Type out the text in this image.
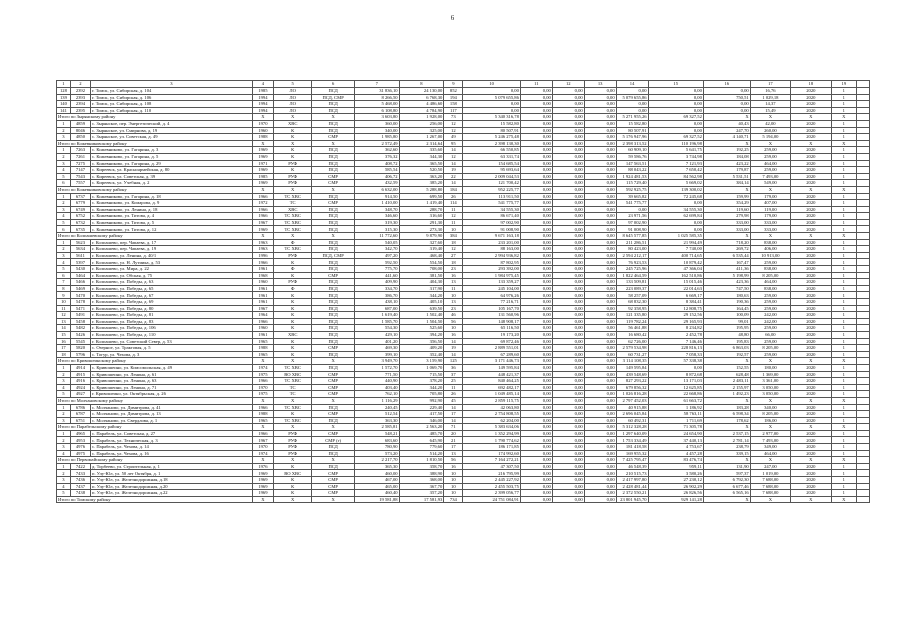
6
1	2	3	4	5	6	7	8	9	10	11	12	13	14	15	16	17	18	19	
128	2392	г. Томск, ул. Сибирская, д. 104	1985	ЛО	ПСД	31 836,10	24 130,00	852	0,00	0,00	0,00	0,00	0,00	0,00	0,00	16,76	2020	1	
139	2393	г. Томск, ул. Сибирская, д. 106	1994	ЛО	ПСД, СМР	8 266,50	6 768,30	194	5 079 655,86	0,00	0,00	0,00	5 079 655,86	0,00	750,51	1 029,18	2020	1	
140	2394	г. Томск, ул. Сибирская, д. 108	1994	ЛО	ПСД	5 468,00	4 486,60	158	0,00	0,00	0,00	0,00	0,00	0,00	0,00	14,37	2020	1	
141	2395	г. Томск, ул. Сибирская, д. 110	1994	ЛО	ПСД	6 108,80	4 784,90	117	0,00	0,00	0,00	0,00	0,00	0,00	0,00	15,49	2020	1	
Итого по Зырянскому району			Х	Х	Х	3 603,80	1 928,00	73	5 340 316,78	0,00	0,00	0,00	5 271 955,26	69 327,52	Х	Х	Х	Х	
1	4859	с. Зырянское, пер. Энергетический, д. 4	1970	ХВС	ПСД	360,00	256,00	12	15 582,80	0,00	0,00	0,00	15 582,80	0,00	40,43	42,00	2020	1	
2	8046	с. Зырянское, ул. Смирнова, д. 19	1960	К	ПСД	340,00	325,00	12	80 507,91	0,00	0,00	0,00	80 507,91	0,00	247,70	260,00	2020	1	
3	4850	с. Зырянское, ул. Советская, д. 49	1988	К	СМР	1 985,80	1 267,00	49	5 246 275,48	0,00	0,00	0,00	5 176 947,96	69 327,52	4 140,71	5 194,00	2020	1	
Итого по Кожевниковскому району			Х	Х	Х	2 572,49	2 314,64	95	2 398 130,30	0,00	0,00	0,00	2 398 313,52	110 196,98	Х	Х	Х	Х	
1	7263	с. Кожевниково, ул. Гагарина, д. 3	1969	К	ПСД	362,60	335,60	14	66 550,85	0,00	0,00	0,00	60 909,10	5 641,75	192,25	259,00	2020	1	
2	7261	с. Кожевниково, ул. Гагарина, д. 5	1969	К	ПСД	376,32	344,30	12	63 331,74	0,00	0,00	0,00	59 586,76	3 744,98	184,08	259,00	2020	1	
3	7275	с. Кожевниково, ул. Гагарина, д. 29	1971	РУФ	ПСД	408,72	365,50	14	154 685,54	0,00	0,00	0,00	147 563,51	7 121,93	423,22	464,00	2020	1	
4	7147	с. Киреевск, ул. Красноармейская, д. 80	1969	К	ПСД	585,54	520,50	19	95 693,64	0,00	0,00	0,00	88 043,22	7 650,42	179,87	259,00	2020	1	
5	7543	с. Киреевск, ул. Советская, д. 39	1985	РУФ	СМР	406,72	363,20	22	2 009 044,53	0,00	0,00	0,00	1 924 481,53	84 562,98	5 531,51	7 493,00	2020	1	
6	7557	с. Киреевск, ул. Учебная, д. 2	1969	РУФ	СМР	432,59	385,20	14	121 700,42	0,00	0,00	0,00	115 729,40	5 669,02	384,14	549,00	2020	1	
Итого по Кожевниковскому району			Х	Х	Х	6 632,00	5 288,80	184	952 225,77	0,00	0,00	0,00	592 925,75	139 300,02	Х	Х	Х	Х	
1	6737	с. Кожевниково, ул. Гагарина, д. 18	1966	ТС ХВС	ПСД	914,50	699,50	26	113 911,50	0,00	0,00	0,00	39 665,82	72 245,68	159,99	179,00	2020	1	
2	6779	с. Кожевниково, ул. Комарова, д. 9	1972	ТС	СМР	1 410,00	1 419,40	114	541 775,77	0,00	0,00	0,00	541 775,77	0,00	354,29	407,00	2020	1	
3	6749	с. Кожевниково, ул. Ленина, д. 18	1966	ХВС	ПСД	348,70	288,70	11	34 555,30	0,00	0,00	0,00	0,00	34 555,30	119,60	119,00	2020	1	
4	6752	с. Кожевниково, ул. Титова, д. 4	1966	ТС ХВС	ПСД	346,60	316,60	12	86 671,40	0,00	0,00	0,00	23 971,56	62 699,84	279,98	179,00	2020	1	
5	6732	с. Кожевниково, ул. Титова, д. 5	1967	ТС ХВС	ПСД	319,30	291,30	11	97 002,90	0,00	0,00	0,00	97 002,90	0,00	333,00	333,00	2020	1	
6	6735	с. Кожевниково, ул. Титова, д. 12	1969	ТС ХВС	ПСД	315,30	273,30	10	91 008,90	0,00	0,00	0,00	91 008,90	0,00	333,00	333,00	2020	1	
Итого по Колпашевскому району			Х	Х	Х	11 772,60	9 879,90	384	9 671 163,18	0,00	0,00	0,00	8 645 577,85	1 025 585,35	Х	Х	Х	Х	
1	5623	г. Колпашево, пер. Чапаева, д. 17	1963	Ф	ПСД	540,05	327,60	18	233 201,00	0,00	0,00	0,00	211 286,51	21 994,49	718,20	838,00	2020	1	
2	5634	г. Колпашево, пер. Чапаева, д. 19	1963	ТС ХВС	ПСД	342,70	319,40	12	88 163,00	0,00	0,00	0,00	80 423,00	7 740,00	269,72	406,00	2020	1	
3	5611	г. Колпашево, ул. Ленина, д. 40/1	1996	РУФ	ПСД, СМР	497,20	468,40	27	2 994 936,82	0,00	0,00	0,00	2 594 212,17	400 714,65	6 535,44	10 913,00	2020	1	
4	5397	г. Колпашево, ул. Н. Лутиика, д. 53	1966	К	ПСД	592,50	554,50	18	87 802,95	0,00	0,00	0,00	76 923,53	10 879,42	167,47	259,00	2020	1	
5	5430	г. Колпашево, ул. Мира, д. 22	1961	Ф	ПСД	775,70	708,00	23	293 392,00	0,00	0,00	0,00	245 725,96	47 366,04	411,36	838,00	2020	1	
6	5464	г. Колпашево, ул. Обская, д. 75	1968	К	СМР	441,60	381,50	16	1 984 975,45	0,00	0,00	0,00	1 822 464,59	162 510,86	5 198,99	8 205,00	2020	1	
7	5466	г. Колпашево, ул. Победы, д. 63	1960	РУФ	ПСД	409,90	404,30	13	133 359,27	0,00	0,00	0,00	133 509,81	15 015,46	423,36	464,00	2020	1	
8	5469	г. Колпашево, ул. Победы, д. 65	1961	Ф	ПСД	334,70	317,90	11	245 104,00	0,00	0,00	0,00	223 089,37	22 014,63	747,50	838,00	2020	1	
9	5470	г. Колпашево, ул. Победы, д. 67	1961	К	ПСД	386,70	344,20	10	64 976,26	0,00	0,00	0,00	58 257,09	6 669,17	180,63	259,00	2020	1	
10	5478	г. Колпашево, ул. Победы, д. 69	1961	К	ПСД	438,10	405,10	13	77 216,71	0,00	0,00	0,00	68 832,30	8 384,41	190,36	259,00	2020	1	
11	5471	г. Колпашево, ул. Победы, д. 80	1967	К	ПСД	687,00	639,50	23	105 167,70	0,00	0,00	0,00	92 358,95	12 808,75	164,45	259,00	2020	1	
12	5491	г. Колпашево, ул. Победы, д. 81	1964	К	ПСД	1 619,40	1 502,40	46	131 560,96	0,00	0,00	0,00	121 335,80	29 152,56	100,09	242,00	2020	1	
13	5458	г. Колпашево, ул. Победы, д. 83	1966	К	ПСД	1 585,70	1 504,50	56	148 908,17	0,00	0,00	0,00	119 782,24	29 165,93	99,01	242,00	2020	1	
14	5482	г. Колпашево, ул. Победы, д. 106	1960	К	ПСД	554,30	525,60	10	65 116,50	0,00	0,00	0,00	56 461,88	8 234,82	195,95	259,00	2020	1	
15	5426	г. Колпашево, ул. Победы, д. 110	1961	ХВС	ПСД	429,10	394,20	16	19 173,20	0,00	0,00	0,00	16 680,42	2 452,78	48,80	66,00	2020	1	
16	5545	г. Колпашево, ул. Советский Север, д. 53	1965	К	ПСД	401,20	356,50	14	69 872,46	0,00	0,00	0,00	62 726,00	7 146,46	195,83	259,00	2020	1	
17	5820	с. Озерное, ул. Трактовая, д. 5	1988	К	СМР	469,30	409,20	19	2 889 551,01	0,00	0,00	0,00	2 579 534,98	228 816,13	6 863,03	8 205,00	2020	1	
18	5796	с. Тогур, ул. Чехова, д. 3	1965	К	ПСД	399,10	352,40	14	67 289,60	0,00	0,00	0,00	60 731,27	7 058,33	192,57	259,00	2020	1	
Итого по Кривошеинскому району			Х	Х	Х	3 949,70	3 159,90	125	3 171 446,73	0,00	0,00	0,00	3 114 108,35	57 338,38	Х	Х	Х	Х	
1	4914	с. Кривошеино, ул. Комсомольская, д. 49	1974	ТС ХВС	ПСД	1 572,70	1 069,70	36	149 595,84	0,00	0,00	0,00	149 595,84	0,00	152,55	180,00	2020	1	
2	4915	с. Кривошеино, ул. Ленина, д. 61	1975	ВО ХВС	СМР	771,50	715,50	37	448 421,37	0,00	0,00	0,00	439 548,69	8 872,68	628,48	1 369,00	2020	1	
3	4916	с. Кривошеино, ул. Ленина, д. 63	1966	ТС ХВС	СМР	440,90	378,20	25	840 464,25	0,00	0,00	0,00	827 293,22	13 171,03	2 483,11	3 361,00	2020	1	
4	4924	с. Кривошеино, ул. Ленина, д. 71	1970	ТС	СМР	403,40	344,20	11	692 482,17	0,00	0,00	0,00	679 856,32	12 625,85	2 155,97	3 050,00	2020	1	
5	4927	г. Кривошеино, ул. Октябрьская, д. 26	1975	ТС	СМР	762,10	705,80	26	1 049 485,14	0,00	0,00	0,00	1 026 816,28	22 668,86	1 492,23	3 050,00	2020	1	
Итого по Молчановскому району			Х	Х	Х	1 116,29	992,90	45	2 859 115,75	0,00	0,00	0,00	2 797 452,03	61 663,72	Х	Х	Х	Х	
1	6786	с. Молчаново, ул. Димитрова, д. 41	1966	ТС ХВС	ПСД	240,45	229,40	14	42 063,80	0,00	0,00	0,00	40 915,88	1 186,92	183,28	340,00	2020	1	
2	6787	с. Молчаново, ул. Димитрова, д. 13	1988	К	СМР	512,54	417,50	17	2 754 808,55	0,00	0,00	0,00	2 696 045,84	58 763,11	6 598,34	8 205,00	2020	1	
3	6751	с. Молчаново, ул. Свердлова, д. 1	1965	ТС ХВС	ПСД	363,30	346,00	14	62 204,00	0,00	0,00	0,00	60 492,31	1 711,69	178,62	186,00	2020	1	
Итого по Парабельскому району			Х	Х	Х	2 585,81	2 563,20	71	5 383 634,06	0,00	0,00	0,00	5 312 328,28	71 305,78	Х	Х	Х	Х	
1	4965	с. Парабель, ул. Советская, д. 27	1966	РУФ	СМР	548,21	485,70	20	1 352 294,99	0,00	0,00	0,00	1 297 640,09	24 654,90	2 537,15	2 977,00	2020	1	
2	4953	с. Парабель, ул. Техническая, д. 3	1967	РУФ	СМР (г)	683,60	645,90	21	1 790 774,62	0,00	0,00	0,00	1 753 334,49	37 440,13	2 781,14	7 493,00	2020	1	
3	4976	с. Парабель, ул. Чехова, д. 14	1970	РУФ	ПСД	780,90	779,60	17	186 171,85	0,00	0,00	0,00	181 418,58	4 753,67	238,79	349,00	2020	1	
4	4975	с. Парабель, ул. Чехова, д. 16	1974	РУФ	ПСД	573,20	514,20	13	174 992,60	0,00	0,00	0,00	169 955,32	4 457,28	339,15	464,00	2020	1	
Итого по Первомайскому району			Х	Х	Х	2 217,70	1 810,50	56	7 164 272,21	0,00	0,00	0,00	7 425 795,47	83 476,74	Х	Х	Х	Х	
1	7422	д. Торбеево, ул. Строительная, д. 1	1976	К	ПСД	365,30	358,70	16	47 307,50	0,00	0,00	0,00	46 548,39	959,11	131,90	247,00	2020	1	
2	7433	п. Улу-Юл, ул. 50 лет Октября, д. 1	1969	ВО ХВС	СМР	460,00	388,90	10	216 795,99	0,00	0,00	0,00	210 515,73	3 580,26	597,37	1 019,00	2020	1	
3	7436	п. Улу-Юл, ул. Железнодорожная, д.18	1969	К	СМР	467,00	368,00	10	2 445 227,92	0,00	0,00	0,00	2 417 997,80	27 230,12	6 792,30	7 688,00	2020	1	
4	7437	п. Улу-Юл, ул. Железнодорожная, д.20	1969	К	СМР	465,00	367,70	10	2 455 503,75	0,00	0,00	0,00	2 428 481,44	26 902,29	6 677,46	7 688,00	2020	1	
5	7438	п. Улу-Юл, ул. Железнодорожная, д.22	1969	К	СМР	460,40	357,20	10	2 399 056,77	0,00	0,00	0,00	2 372 550,21	26 826,56	6 565,16	7 688,00	2020	1	
Итого по Томскому району			Х	Х	Х	19 581,88	17 581,93	734	24 751 084,91	0,00	0,00	0,00	23 801 945,70	929 141,28	Х	Х	Х	Х	
